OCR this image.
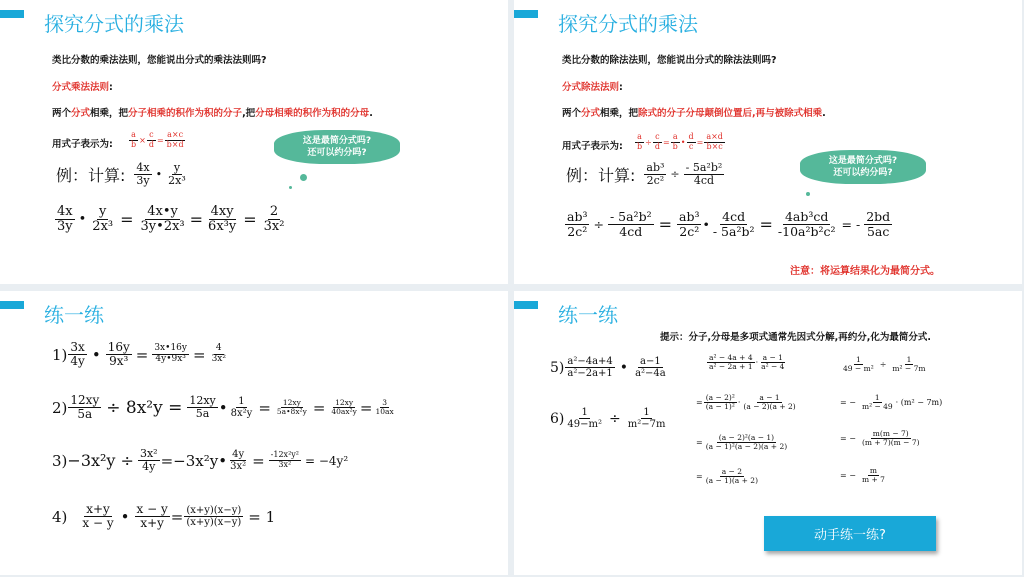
探究分式的乘法
类比分数的乘法法则，您能说出分式的乘法法则吗?
分式乘法法则:
两个分式相乘，把分子相乘的积作为积的分子,把分母相乘的积作为积的分母.
用式子表示为: $\frac{a}{b} \times \frac{c}{d} = \frac{a\times c}{b\times d}$	这是最简分式吗?
还可以约分吗?
例：计算: $\frac{4x}{3y}$ • $\frac{y}{\text{2x³}}$
$\frac{4x}{3y}$ • $\frac{y}{\text{2x³}} = \frac{4x•y}{\text{3y•2x³}} = \frac{4xy}{\text{6x³y}} = \frac{2}{\text{3x²}}$
探究分式的乘法
类比分数的除法法则，您能说出分式的除法法则吗?
分式除法法则:
两个分式相乘，把除式的分子分母颠倒位置后,再与被除式相乘.
用式子表示为: $\frac{a}{b} \div \frac{c}{d} = \frac{a}{b}$ • $\frac{d}{c} = \frac{a\times d}{b\times c}$
这是最简分式吗?
还可以约分吗?
例：计算: $\frac{\text{ab³}}{\text{2c²}} \div \frac{\text{- 5a²b²}}{4cd}$
$\frac{\text{ab³}}{\text{2c²}} \div \frac{\text{- 5a²b²}}{4cd} = \frac{\text{ab³}}{\text{2c²}}$ • $\frac{4cd}{\text{- 5a²b²}} = \frac{\text{4ab³cd}}{\text{-10a²b²c²}}$ = - $\frac{2bd}{5ac}$
注意：将运算结果化为最简分式。
练一练
$1) \frac{3x}{4y}$ • $\frac{16y}{\text{9x³}} = \frac{3x•16y}{\text{4y•9x³}} = \frac{4}{\text{3x²}}$
$2) \frac{12xy}{5a} \div 8x^2y = \frac{12xy}{5a}$ • $\frac{1}{\text{8x²y}} = \frac{12xy}{\text{5a•8x²y}} = \frac{12xy}{\text{40ax²y}} = \frac{3}{10ax}$
$3) -3x^2y \div \frac{\text{3x²}}{4y}$ =−3x²y• $\frac{4y}{\text{3x²}} = \frac{\text{-12x²y²}}{\text{3x²}} = -4y^2$
$4) \frac{x+y}{x - y}$ • $\frac{x - y}{x+y} = \frac{(x+y)(x-y)}{(x+y)(x-y)} = 1$
练一练
提示：分子,分母是多项式通常先因式分解,再约分,化为最简分式.
$5) \frac{\text{a²−4a+4}}{\text{a²−2a+1}}$ • $\frac{a-1}{\text{a²−4a}}$
$6) \frac{1}{\text{49−m²}} \div \frac{1}{\text{m²−7m}}$
$\frac{\text{a² − 4a + 4}}{\text{a² − 2a + 1}} \cdot \frac{a - 1}{\text{a² − 4}}$
= $\frac{\text{(a − 2)²}}{\text{(a − 1)²}} \cdot \frac{a - 1}{(a - 2)(a + 2)}$
= $\frac{\text{(a − 2)²(a − 1)}}{\text{(a − 1)²(a − 2)(a + 2)}}$
= $\frac{a - 2}{(a - 1)(a + 2)}$
$\frac{1}{\text{49 − m²}} \div \frac{1}{\text{m² − 7m}}$
= − $\frac{1}{\text{m² − 49}} \cdot (m^2 - 7m)$
= − $\frac{m(m - 7)}{(m + 7)(m - 7)}$
= − $\frac{m}{m + 7}$
动手练一练?
